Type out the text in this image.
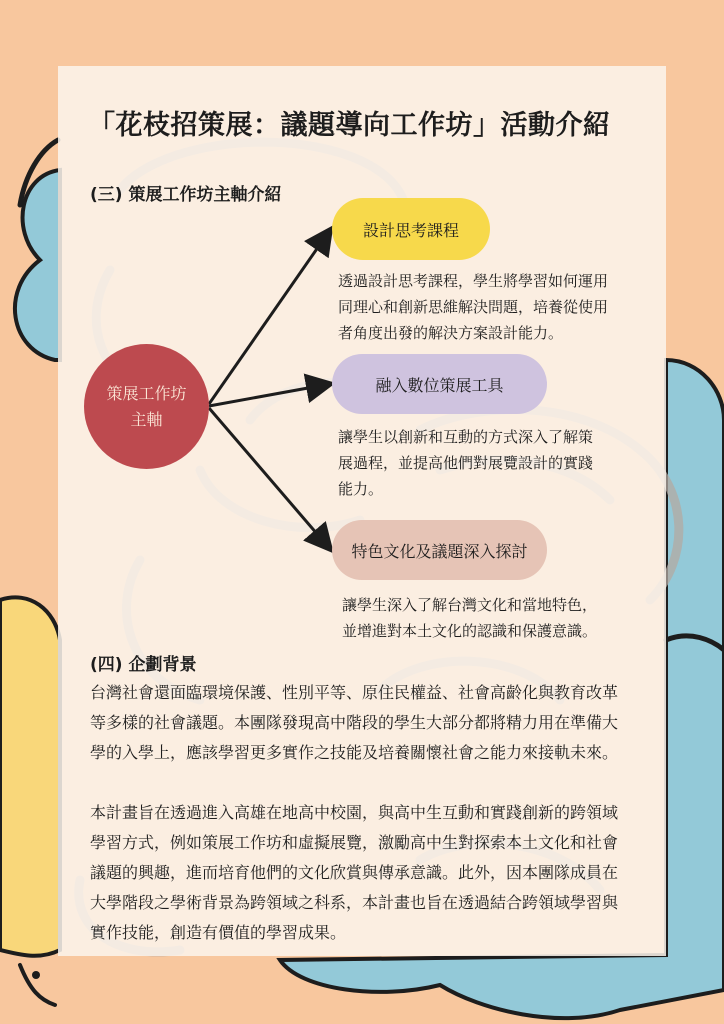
「花枝招策展：議題導向工作坊」活動介紹
(三) 策展工作坊主軸介紹
策展工作坊
主軸
設計思考課程
透過設計思考課程，學生將學習如何運用
同理心和創新思維解決問題，培養從使用
者角度出發的解決方案設計能力。
融入數位策展工具
讓學生以創新和互動的方式深入了解策
展過程，並提高他們對展覽設計的實踐
能力。
特色文化及議題深入探討
讓學生深入了解台灣文化和當地特色，
並增進對本土文化的認識和保護意識。
(四) 企劃背景

台灣社會還面臨環境保護、性別平等、原住民權益、社會高齡化與教育改革等多樣的社會議題。本團隊發現高中階段的學生大部分都將精力用在準備大學的入學上，應該學習更多實作之技能及培養關懷社會之能力來接軌未來。

本計畫旨在透過進入高雄在地高中校園，與高中生互動和實踐創新的跨領域學習方式，例如策展工作坊和虛擬展覽，激勵高中生對探索本土文化和社會議題的興趣，進而培育他們的文化欣賞與傳承意識。此外，因本團隊成員在大學階段之學術背景為跨領域之科系，本計畫也旨在透過結合跨領域學習與實作技能，創造有價值的學習成果。
